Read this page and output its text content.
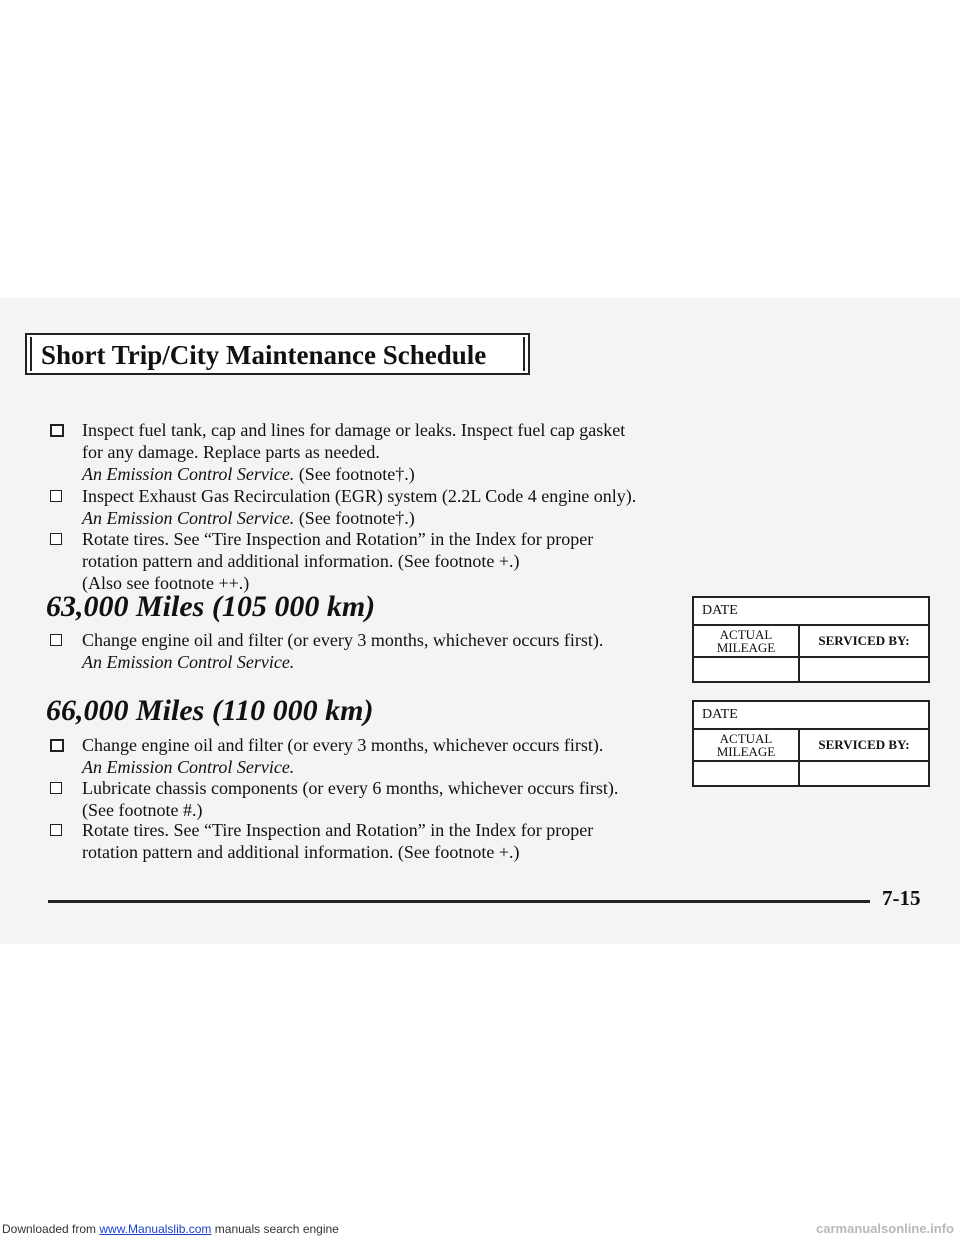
Short Trip/City Maintenance Schedule
Inspect fuel tank, cap and lines for damage or leaks. Inspect fuel cap gasket
for any damage. Replace parts as needed.
An Emission Control Service. (See footnote†.)
Inspect Exhaust Gas Recirculation (EGR) system (2.2L Code 4 engine only).
An Emission Control Service. (See footnote†.)
Rotate tires. See “Tire Inspection and Rotation” in the Index for proper
rotation pattern and additional information. (See footnote +.)
(Also see footnote ++.)
63,000 Miles (105 000 km)
Change engine oil and filter (or every 3 months, whichever occurs first).
An Emission Control Service.
DATE	

ACTUAL
MILEAGE	SERVICED BY:

66,000 Miles (110 000 km)
Change engine oil and filter (or every 3 months, whichever occurs first).
An Emission Control Service.
Lubricate chassis components (or every 6 months, whichever occurs first).
(See footnote #.)
Rotate tires. See “Tire Inspection and Rotation” in the Index for proper
rotation pattern and additional information. (See footnote +.)
DATE	

ACTUAL
MILEAGE	SERVICED BY:

7-15
Downloaded from www.Manualslib.com manuals search engine	carmanualsonline.info
